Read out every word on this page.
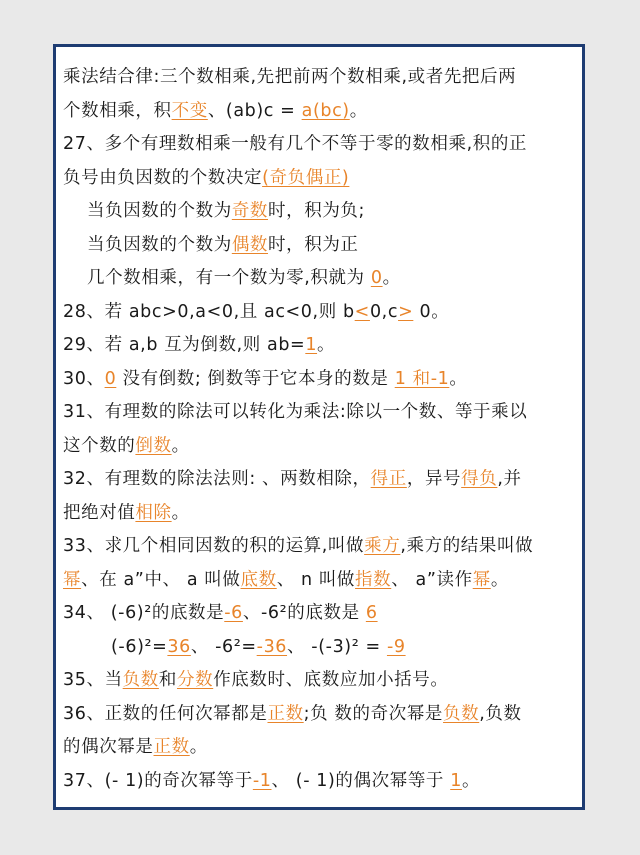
乘法结合律:三个数相乘,先把前两个数相乘,或者先把后两
个数相乘，积不变、(ab)c = a(bc)。
27、多个有理数相乘一般有几个不等于零的数相乘,积的正
负号由负因数的个数决定(奇负偶正)
当负因数的个数为奇数时，积为负;
当负因数的个数为偶数时，积为正
几个数相乘，有一个数为零,积就为 0。
28、若 abc>0,a<0,且 ac<0,则 b<0,c> 0。
29、若 a,b 互为倒数,则 ab=1。
30、0 没有倒数; 倒数等于它本身的数是 1 和-1。
31、有理数的除法可以转化为乘法:除以一个数、等于乘以
这个数的倒数。
32、有理数的除法法则: 、两数相除，得正，异号得负,并
把绝对值相除。
33、求几个相同因数的积的运算,叫做乘方,乘方的结果叫做
幂、在 a”中、 a 叫做底数、 n 叫做指数、 a”读作幂。
34、 (-6)²的底数是-6、-6²的底数是 6
(-6)²=36、 -6²=-36、 -(-3)² = -9
35、当负数和分数作底数时、底数应加小括号。
36、正数的任何次幂都是正数;负 数的奇次幂是负数,负数
的偶次幂是正数。
37、(- 1)的奇次幂等于-1、 (- 1)的偶次幂等于 1。
